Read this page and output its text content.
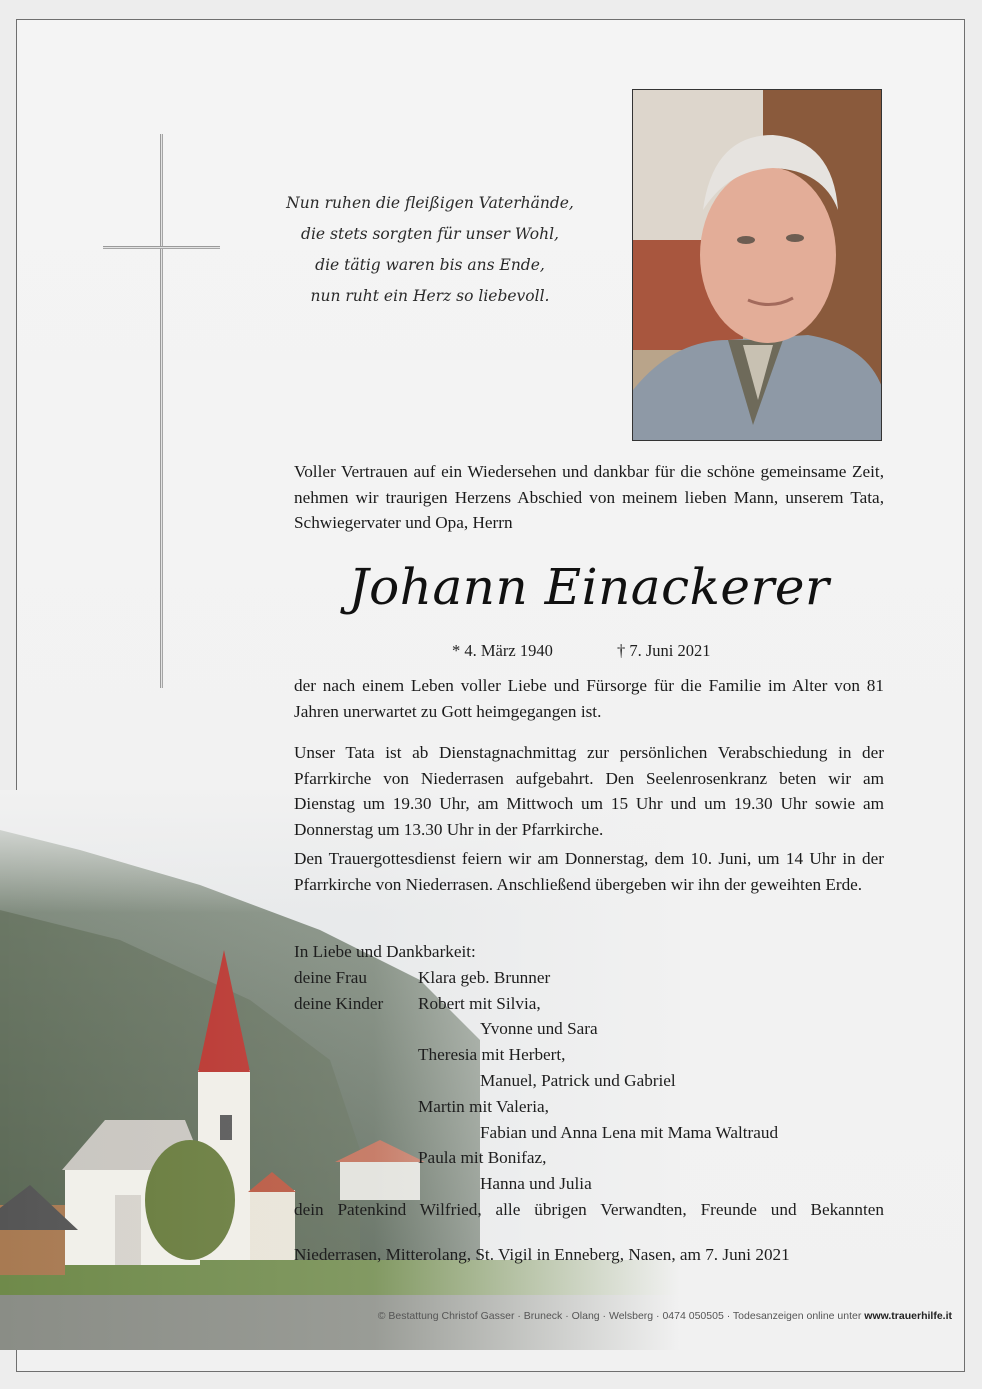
Nun ruhen die fleißigen Vaterhände,
die stets sorgten für unser Wohl,
die tätig waren bis ans Ende,
nun ruht ein Herz so liebevoll.
Voller Vertrauen auf ein Wiedersehen und dankbar für die schöne gemeinsame Zeit, nehmen wir traurigen Herzens Abschied von meinem lieben Mann, unserem Tata, Schwiegervater und Opa, Herrn
Johann Einackerer
* 4. März 1940	† 7. Juni 2021
der nach einem Leben voller Liebe und Fürsorge für die Familie im Alter von 81 Jahren unerwartet zu Gott heimgegangen ist.
Unser Tata ist ab Dienstagnachmittag zur persönlichen Verabschiedung in der Pfarrkirche von Niederrasen aufgebahrt. Den Seelenrosenkranz beten wir am Dienstag um 19.30 Uhr, am Mittwoch um 15 Uhr und um 19.30 Uhr sowie am Donnerstag um 13.30 Uhr in der Pfarrkirche.
Den Trauergottesdienst feiern wir am Donnerstag, dem 10. Juni, um 14 Uhr in der Pfarrkirche von Niederrasen. Anschließend übergeben wir ihn der geweihten Erde.
In Liebe und Dankbarkeit:
deine Frau	Klara geb. Brunner
deine Kinder Robert mit Silvia,
Yvonne und Sara
Theresia mit Herbert,
Manuel, Patrick und Gabriel
Martin mit Valeria,
Fabian und Anna Lena mit Mama Waltraud
Paula mit Bonifaz,
Hanna und Julia
dein Patenkind Wilfried, alle übrigen Verwandten, Freunde und Bekannten
Niederrasen, Mitterolang, St. Vigil in Enneberg, Nasen, am 7. Juni 2021
© Bestattung Christof Gasser · Bruneck · Olang · Welsberg · 0474 050505 · Todesanzeigen online unter www.trauerhilfe.it
